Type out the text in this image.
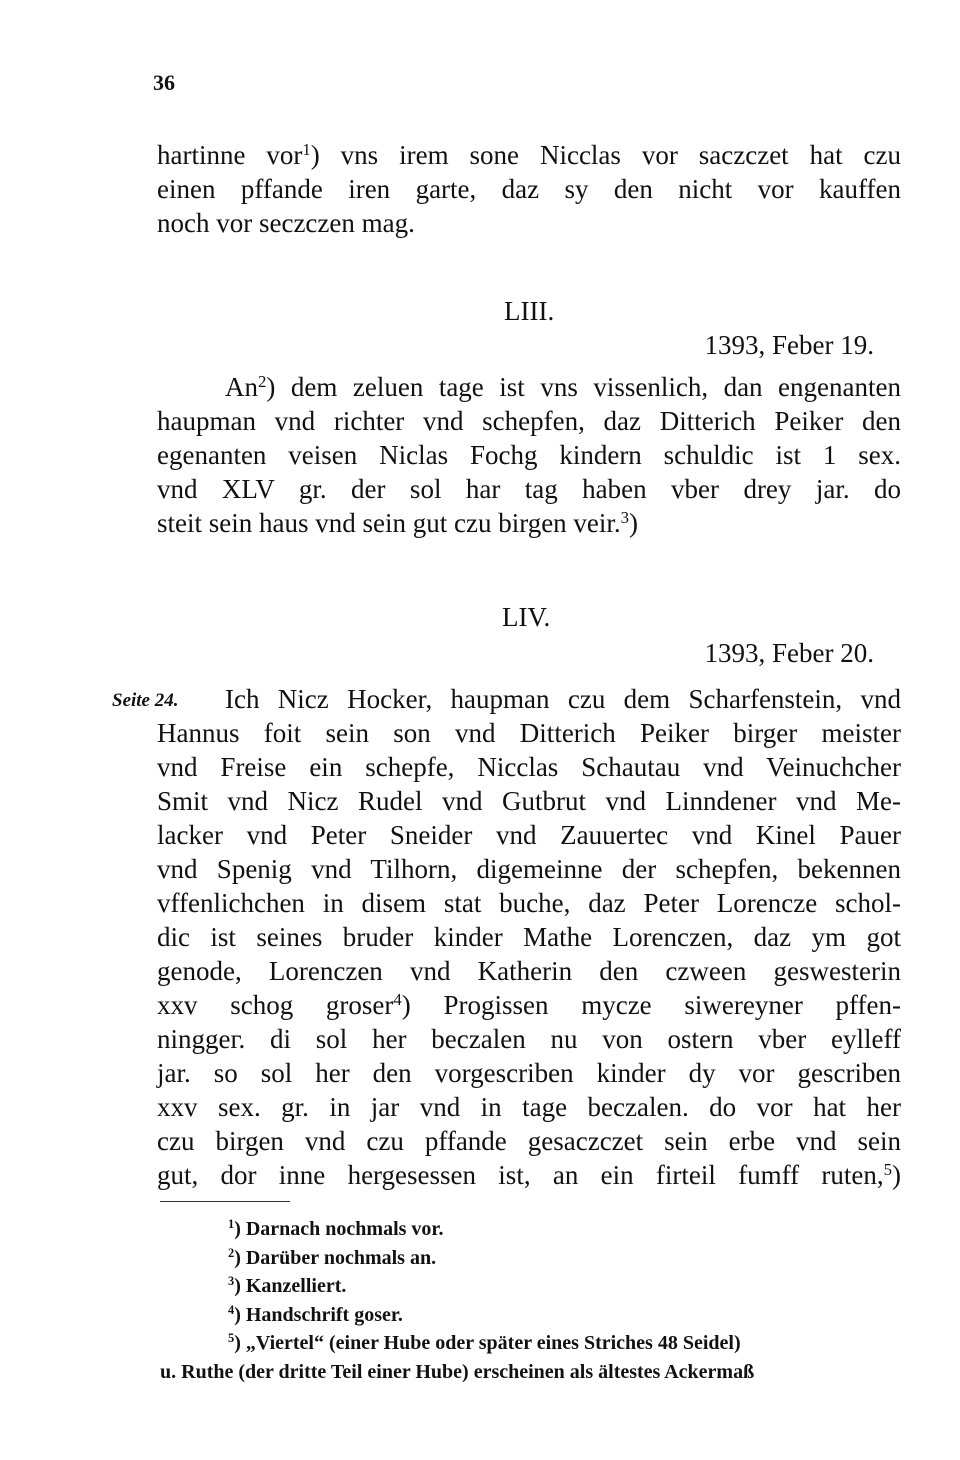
36
hartinne vor$^1$) vns irem sone Nicclas vor saczczet hat czu
einen pffande iren garte, daz sy den nicht vor kauffen
noch vor seczczen mag.
LIII.
1393, Feber 19.
An$^2$) dem zeluen tage ist vns vissenlich, dan engenanten
haupman vnd richter vnd schepfen, daz Ditterich Peiker den
egenanten veisen Niclas Fochg kindern schuldic ist 1 sex.
vnd XLV gr. der sol har tag haben vber drey jar. do
steit sein haus vnd sein gut czu birgen veir.$^3$)
LIV.
1393, Feber 20.
Seite 24.	Ich Nicz Hocker, haupman czu dem Scharfenstein, vnd
Hannus foit sein son vnd Ditterich Peiker birger meister
vnd Freise ein schepfe, Nicclas Schautau vnd Veinuchcher
Smit vnd Nicz Rudel vnd Gutbrut vnd Linndener vnd Me-
lacker vnd Peter Sneider vnd Zauuertec vnd Kinel Pauer
vnd Spenig vnd Tilhorn, digemeinne der schepfen, bekennen
vffenlichchen in disem stat buche, daz Peter Lorencze schol-
dic ist seines bruder kinder Mathe Lorenczen, daz ym got
genode, Lorenczen vnd Katherin den czween geswesterin
xxv schog groser$^4$) Progissen mycze siwereyner pffen-
ninggeг. di sol her beczalen nu von ostern vber eylleff
jar. so sol her den vorgescriben kinder dy vor gescriben
xxv sex. gr. in jar vnd in tage beczalen. do vor hat her
czu birgen vnd czu pffande gesaczczet sein erbe vnd sein
gut, dor inne hergesessen ist, an ein firteil fumff ruten,$^5$)
$^1$) Darnach nochmals vor.
$^2$) Darüber nochmals an.
$^3$) Kanzelliert.
$^4$) Handschrift goser.
$^5$) „Viertel“ (einer Hube oder später eines Striches 48 Seidel)
u. Ruthe (der dritte Teil einer Hube) erscheinen als ältestes Ackermaß
